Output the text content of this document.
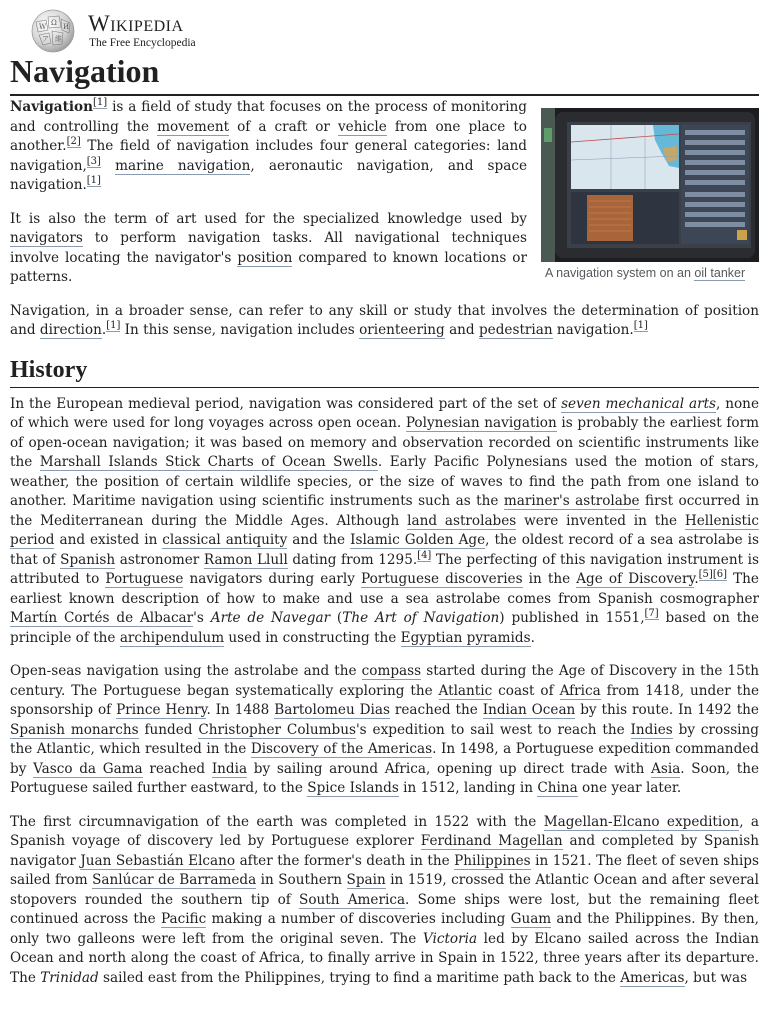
W Ω И
ア 維
Wikipedia
The Free Encyclopedia
Navigation
A navigation system on an oil tanker

Navigation[1] is a field of study that focuses on the process of monitoring and controlling the movement of a craft or vehicle from one place to another.[2] The field of navigation includes four general categories: land navigation,[3] marine navigation, aeronautic navigation, and space navigation.[1]

It is also the term of art used for the specialized knowledge used by navigators to perform navigation tasks. All navigational techniques involve locating the navigator's position compared to known locations or patterns.

Navigation, in a broader sense, can refer to any skill or study that involves the determination of position and direction.[1] In this sense, navigation includes orienteering and pedestrian navigation.[1]

History

In the European medieval period, navigation was considered part of the set of seven mechanical arts, none of which were used for long voyages across open ocean. Polynesian navigation is probably the earliest form of open-ocean navigation; it was based on memory and observation recorded on scientific instruments like the Marshall Islands Stick Charts of Ocean Swells. Early Pacific Polynesians used the motion of stars, weather, the position of certain wildlife species, or the size of waves to find the path from one island to another. Maritime navigation using scientific instruments such as the mariner's astrolabe first occurred in the Mediterranean during the Middle Ages. Although land astrolabes were invented in the Hellenistic period and existed in classical antiquity and the Islamic Golden Age, the oldest record of a sea astrolabe is that of Spanish astronomer Ramon Llull dating from 1295.[4] The perfecting of this navigation instrument is attributed to Portuguese navigators during early Portuguese discoveries in the Age of Discovery.[5][6] The earliest known description of how to make and use a sea astrolabe comes from Spanish cosmographer Martín Cortés de Albacar's Arte de Navegar (The Art of Navigation) published in 1551,[7] based on the principle of the archipendulum used in constructing the Egyptian pyramids.

Open-seas navigation using the astrolabe and the compass started during the Age of Discovery in the 15th century. The Portuguese began systematically exploring the Atlantic coast of Africa from 1418, under the sponsorship of Prince Henry. In 1488 Bartolomeu Dias reached the Indian Ocean by this route. In 1492 the Spanish monarchs funded Christopher Columbus's expedition to sail west to reach the Indies by crossing the Atlantic, which resulted in the Discovery of the Americas. In 1498, a Portuguese expedition commanded by Vasco da Gama reached India by sailing around Africa, opening up direct trade with Asia. Soon, the Portuguese sailed further eastward, to the Spice Islands in 1512, landing in China one year later.

The first circumnavigation of the earth was completed in 1522 with the Magellan-Elcano expedition, a Spanish voyage of discovery led by Portuguese explorer Ferdinand Magellan and completed by Spanish navigator Juan Sebastián Elcano after the former's death in the Philippines in 1521. The fleet of seven ships sailed from Sanlúcar de Barrameda in Southern Spain in 1519, crossed the Atlantic Ocean and after several stopovers rounded the southern tip of South America. Some ships were lost, but the remaining fleet continued across the Pacific making a number of discoveries including Guam and the Philippines. By then, only two galleons were left from the original seven. The Victoria led by Elcano sailed across the Indian Ocean and north along the coast of Africa, to finally arrive in Spain in 1522, three years after its departure. The Trinidad sailed east from the Philippines, trying to find a maritime path back to the Americas, but was
